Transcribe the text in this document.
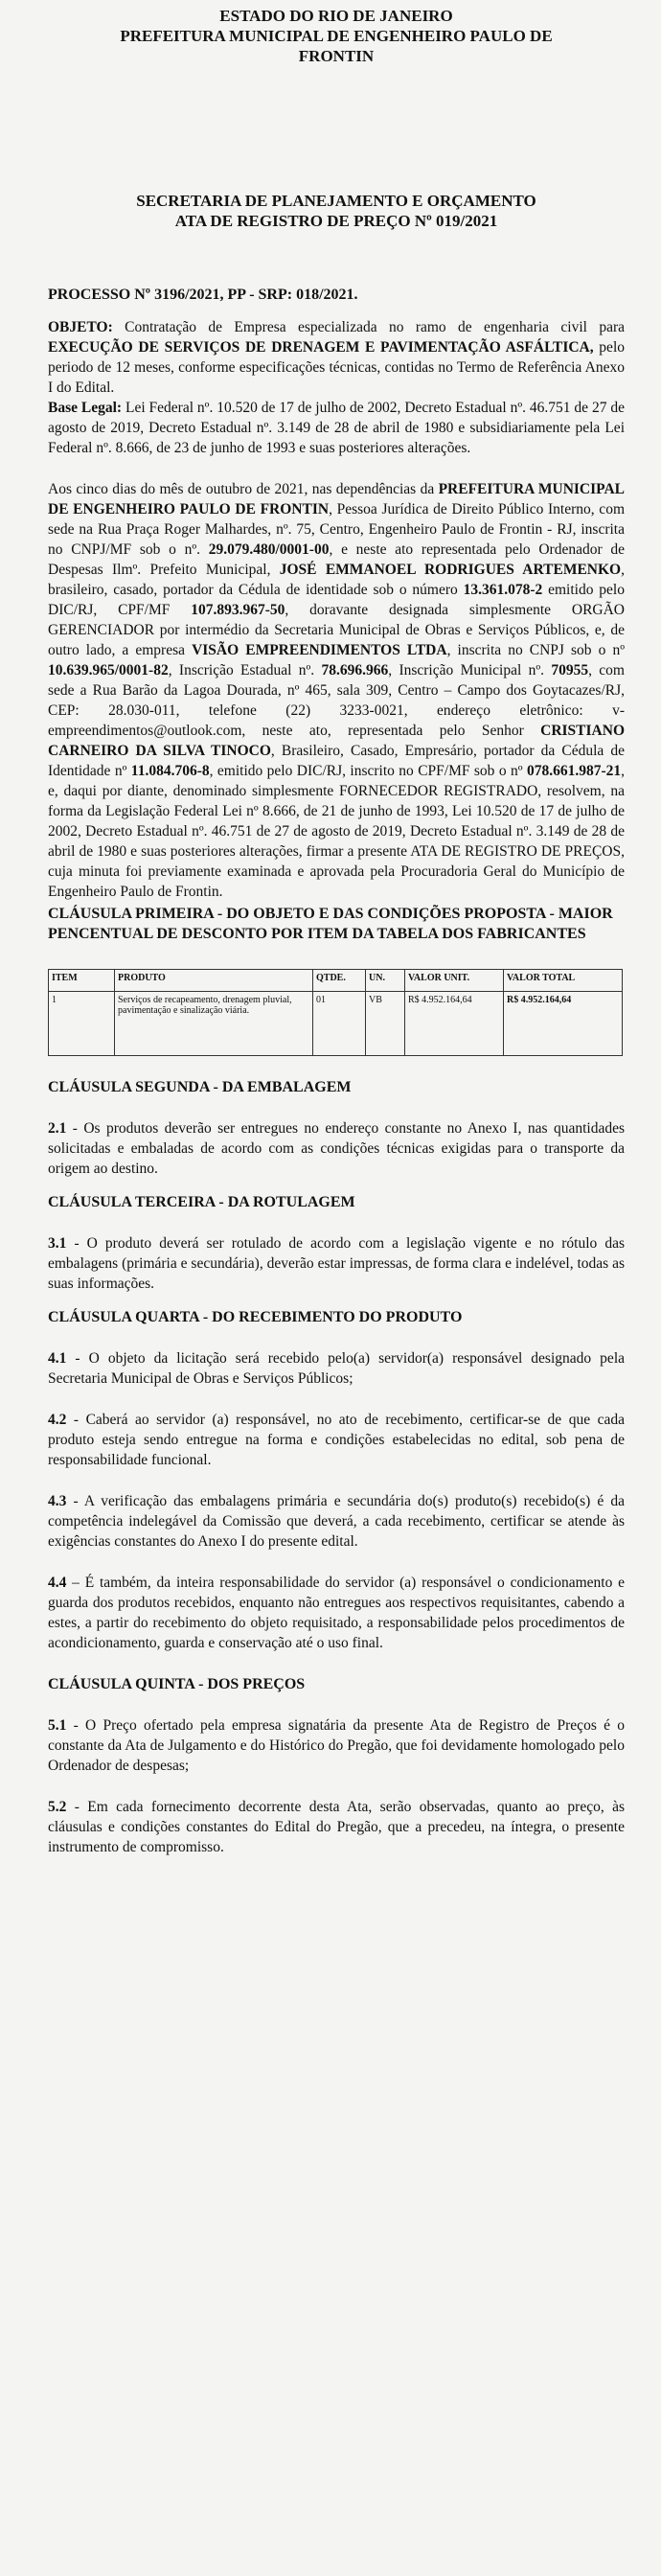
ESTADO DO RIO DE JANEIRO
PREFEITURA MUNICIPAL DE ENGENHEIRO PAULO DE
FRONTIN
SECRETARIA DE PLANEJAMENTO E ORÇAMENTO
ATA DE REGISTRO DE PREÇO Nº 019/2021
PROCESSO Nº 3196/2021, PP - SRP: 018/2021.

OBJETO: Contratação de Empresa especializada no ramo de engenharia civil para EXECUÇÃO DE SERVIÇOS DE DRENAGEM E PAVIMENTAÇÃO ASFÁLTICA, pelo periodo de 12 meses, conforme especificações técnicas, contidas no Termo de Referência Anexo I do Edital.

Base Legal: Lei Federal nº. 10.520 de 17 de julho de 2002, Decreto Estadual nº. 46.751 de 27 de agosto de 2019, Decreto Estadual nº. 3.149 de 28 de abril de 1980 e subsidiariamente pela Lei Federal nº. 8.666, de 23 de junho de 1993 e suas posteriores alterações.

Aos cinco dias do mês de outubro de 2021, nas dependências da PREFEITURA MUNICIPAL DE ENGENHEIRO PAULO DE FRONTIN, Pessoa Jurídica de Direito Público Interno, com sede na Rua Praça Roger Malhardes, nº. 75, Centro, Engenheiro Paulo de Frontin - RJ, inscrita no CNPJ/MF sob o nº. 29.079.480/0001-00, e neste ato representada pelo Ordenador de Despesas Ilmº. Prefeito Municipal, JOSÉ EMMANOEL RODRIGUES ARTEMENKO, brasileiro, casado, portador da Cédula de identidade sob o número 13.361.078-2 emitido pelo DIC/RJ, CPF/MF 107.893.967-50, doravante designada simplesmente ORGÃO GERENCIADOR por intermédio da Secretaria Municipal de Obras e Serviços Públicos, e, de outro lado, a empresa VISÃO EMPREENDIMENTOS LTDA, inscrita no CNPJ sob o nº 10.639.965/0001-82, Inscrição Estadual nº. 78.696.966, Inscrição Municipal nº. 70955, com sede a Rua Barão da Lagoa Dourada, nº 465, sala 309, Centro – Campo dos Goytacazes/RJ, CEP: 28.030-011, telefone (22) 3233-0021, endereço eletrônico: v-empreendimentos@outlook.com, neste ato, representada pelo Senhor CRISTIANO CARNEIRO DA SILVA TINOCO, Brasileiro, Casado, Empresário, portador da Cédula de Identidade nº 11.084.706-8, emitido pelo DIC/RJ, inscrito no CPF/MF sob o nº 078.661.987-21, e, daqui por diante, denominado simplesmente FORNECEDOR REGISTRADO, resolvem, na forma da Legislação Federal Lei nº 8.666, de 21 de junho de 1993, Lei 10.520 de 17 de julho de 2002, Decreto Estadual nº. 46.751 de 27 de agosto de 2019, Decreto Estadual nº. 3.149 de 28 de abril de 1980 e suas posteriores alterações, firmar a presente ATA DE REGISTRO DE PREÇOS, cuja minuta foi previamente examinada e aprovada pela Procuradoria Geral do Município de Engenheiro Paulo de Frontin.

CLÁUSULA PRIMEIRA - DO OBJETO E DAS CONDIÇÕES PROPOSTA - MAIOR PENCENTUAL DE DESCONTO POR ITEM DA TABELA DOS FABRICANTES
ITEM	PRODUTO	QTDE.	UN.	VALOR UNIT.	VALOR TOTAL
1	Serviços de recapeamento, drenagem pluvial, pavimentação e sinalização viária.	01	VB	R$ 4.952.164,64	R$ 4.952.164,64
CLÁUSULA SEGUNDA - DA EMBALAGEM

2.1 - Os produtos deverão ser entregues no endereço constante no Anexo I, nas quantidades solicitadas e embaladas de acordo com as condições técnicas exigidas para o transporte da origem ao destino.

CLÁUSULA TERCEIRA - DA ROTULAGEM

3.1 - O produto deverá ser rotulado de acordo com a legislação vigente e no rótulo das embalagens (primária e secundária), deverão estar impressas, de forma clara e indelével, todas as suas informações.

CLÁUSULA QUARTA - DO RECEBIMENTO DO PRODUTO

4.1 - O objeto da licitação será recebido pelo(a) servidor(a) responsável designado pela Secretaria Municipal de Obras e Serviços Públicos;

4.2 - Caberá ao servidor (a) responsável, no ato de recebimento, certificar-se de que cada produto esteja sendo entregue na forma e condições estabelecidas no edital, sob pena de responsabilidade funcional.

4.3 - A verificação das embalagens primária e secundária do(s) produto(s) recebido(s) é da competência indelegável da Comissão que deverá, a cada recebimento, certificar se atende às exigências constantes do Anexo I do presente edital.

4.4 – É também, da inteira responsabilidade do servidor (a) responsável o condicionamento e guarda dos produtos recebidos, enquanto não entregues aos respectivos requisitantes, cabendo a estes, a partir do recebimento do objeto requisitado, a responsabilidade pelos procedimentos de acondicionamento, guarda e conservação até o uso final.

CLÁUSULA QUINTA - DOS PREÇOS

5.1 - O Preço ofertado pela empresa signatária da presente Ata de Registro de Preços é o constante da Ata de Julgamento e do Histórico do Pregão, que foi devidamente homologado pelo Ordenador de despesas;

5.2 - Em cada fornecimento decorrente desta Ata, serão observadas, quanto ao preço, às cláusulas e condições constantes do Edital do Pregão, que a precedeu, na íntegra, o presente instrumento de compromisso.
